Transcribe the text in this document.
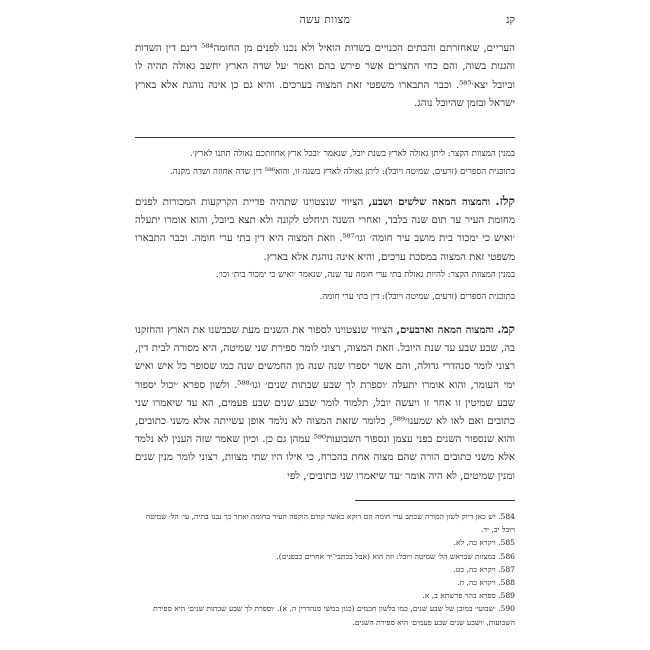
קנ
מצוות עשה
העריים, שאחזרתם והבתים הכנויים בשדות הואיל ולא נכנו לפנים מן החומה⁵⁸⁴ דינם דין השדות והגנות בשוה, והם כחי החצרים אשר פירש בהם ואמר ׳על שדה הארץ יחשב גאולה תהיה לו וביובל יצא׳⁵⁸⁵. וכבר התבארו משפטי זאת המצוה בערכים. והיא גם כן אינה נוהגת אלא בארץ ישראל ובזמן שהיובל נוהג.
במנין המצוות הקצר: ליתן גאולה לארץ בשנת יובל, שנאמר ׳ובכל ארץ אחוזתכם גאולה תתנו לארץ׳.
בתוכנית הספרים (זרעים, שמיטה ויובל): ליתן גאולה לארץ בשנה זו, והוא⁵⁸⁶ דין שדה אחוזה ושדה מקנה.
קלז. והמצוה המאה שלשים ושבע, הציווי שנצטוינו שתהיה פדיית הקרקעות המכורות לפנים מחומת העיר עד תום שנה בלבד, ואחרי השנה תיחלט לקונה ולא תצא ביובל, והוא אומרו יתעלה ׳ואיש כי ימכור בית מושב עיר חומה׳ וגו׳⁵⁸⁷. וזאת המצוה היא דין בתי ערי חומה. וכבר התבארו משפטי זאת המצוה במסכת ערכים, והיא אינה נוהגת אלא בארץ.
במנין המצוות הקצר: להיות גאולת בתי ערי חומה עד שנה, שנאמר ׳ואיש כי ימכור בית׳ וכו׳.
בתוכנית הספרים (זרעים, שמיטה ויובל): דין בתי ערי חומה.
קמ. והמצוה המאה וארבעים, הציווי שנצטוינו לספור את השנים מעת שכבשנו את הארץ והחזקנו בה, שבע שבע עד שנת היובל. וזאת המצוה, רצוני לומר ספירת שני שמיטה, היא מסורה לבית דין, רצוני לומר סנהדרי גדולה, והם אשר יספרו שנה שנה מן החמשים שנה כמו שסופר כל איש ואיש ימי העומר, והוא אומרו יתעלה ׳וספרת לך שבע שבתות שנים׳ וגו׳⁵⁸⁸. ולשון ספרא ׳יכול יספור שבע שמיטין זו אחר זו ויעשה יובל, תלמוד לומר שבע שנים שבע פעמים, הא עד שיאמרו שני כתובים ואם לאו לא שמענו׳⁵⁸⁹, כלומר שזאת המצוה לא נלמד אופן עשייתה אלא משני כתובים, והוא שנספור השנים בפני עצמן ונספור השבועות⁵⁹⁰ עמהן גם כן. וכיון שאמר שזה הענין לא נלמד אלא משני כתובים הורה שהם מצוה אחת בהכרח, כי אילו היו שתי מצוות, רצוני לומר מנין שנים ומנין שמיטים, לא היה אומר ׳עד שיאמרו שני כתובים׳, לפי
584. יש כאן דיוק לשון המורה שכתב ערי חומה הם דוקא כאשר קודם הוקפה העיר בחומה ואחר כך נבנו בתיה, עי׳ הל׳ שמיטה ויובל יב, יד.
585. ויקרא כה, לא.
586. במצוות שבראש הל׳ שמיטה ויובל: וזה הוא (אבל בכתבי־יד אחרים כבפנים).
587. ויקרא כה, כט.
588. ויקרא כה, ח.
589. ספרא בהר פרשתא ב, א.
590. ׳שבועי׳ במובן של שבע שנים, כמו בלשון חכמים (כגון במשי סנהדרין ה, א). ׳וספרת לך שבע שבתות שנים׳ היא ספירת השבועות, ׳ושבע שנים שבע פעמים׳ היא ספירת השנים.
